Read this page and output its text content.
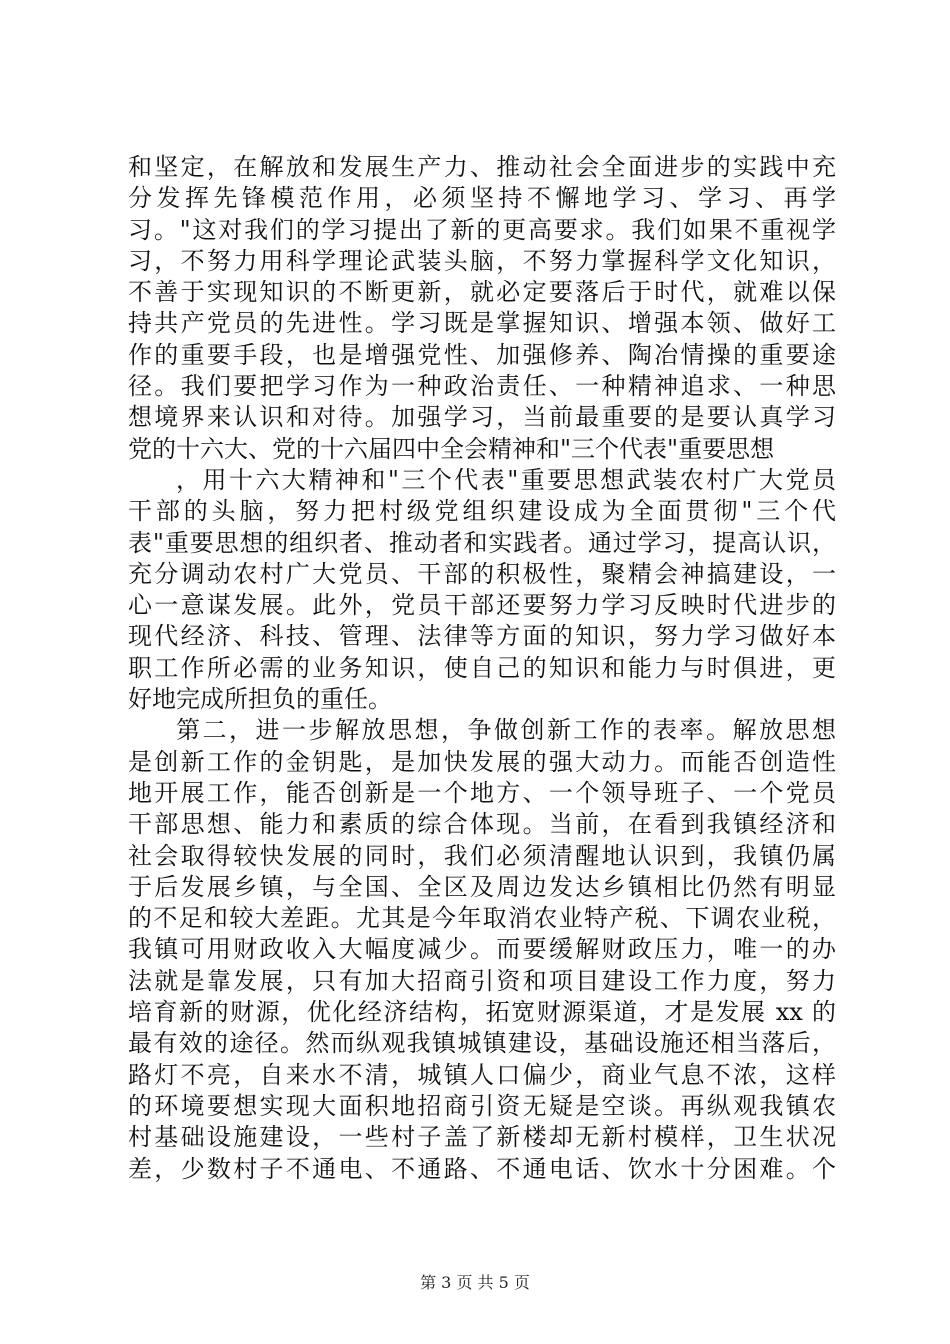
和坚定，在解放和发展生产力、推动社会全面进步的实践中充
分发挥先锋模范作用，必须坚持不懈地学习、学习、再学
习。"这对我们的学习提出了新的更高要求。我们如果不重视学
习，不努力用科学理论武装头脑，不努力掌握科学文化知识，
不善于实现知识的不断更新，就必定要落后于时代，就难以保
持共产党员的先进性。学习既是掌握知识、增强本领、做好工
作的重要手段，也是增强党性、加强修养、陶冶情操的重要途
径。我们要把学习作为一种政治责任、一种精神追求、一种思
想境界来认识和对待。加强学习，当前最重要的是要认真学习
党的十六大、党的十六届四中全会精神和"三个代表"重要思想
，用十六大精神和"三个代表"重要思想武装农村广大党员
干部的头脑，努力把村级党组织建设成为全面贯彻"三个代
表"重要思想的组织者、推动者和实践者。通过学习，提高认识，
充分调动农村广大党员、干部的积极性，聚精会神搞建设，一
心一意谋发展。此外，党员干部还要努力学习反映时代进步的
现代经济、科技、管理、法律等方面的知识，努力学习做好本
职工作所必需的业务知识，使自己的知识和能力与时俱进，更
好地完成所担负的重任。
第二，进一步解放思想，争做创新工作的表率。解放思想
是创新工作的金钥匙，是加快发展的强大动力。而能否创造性
地开展工作，能否创新是一个地方、一个领导班子、一个党员
干部思想、能力和素质的综合体现。当前，在看到我镇经济和
社会取得较快发展的同时，我们必须清醒地认识到，我镇仍属
于后发展乡镇，与全国、全区及周边发达乡镇相比仍然有明显
的不足和较大差距。尤其是今年取消农业特产税、下调农业税，
我镇可用财政收入大幅度减少。而要缓解财政压力，唯一的办
法就是靠发展，只有加大招商引资和项目建设工作力度，努力
培育新的财源，优化经济结构，拓宽财源渠道，才是发展 xx 的
最有效的途径。然而纵观我镇城镇建设，基础设施还相当落后，
路灯不亮，自来水不清，城镇人口偏少，商业气息不浓，这样
的环境要想实现大面积地招商引资无疑是空谈。再纵观我镇农
村基础设施建设，一些村子盖了新楼却无新村模样，卫生状况
差，少数村子不通电、不通路、不通电话、饮水十分困难。个
第 3 页 共 5 页
